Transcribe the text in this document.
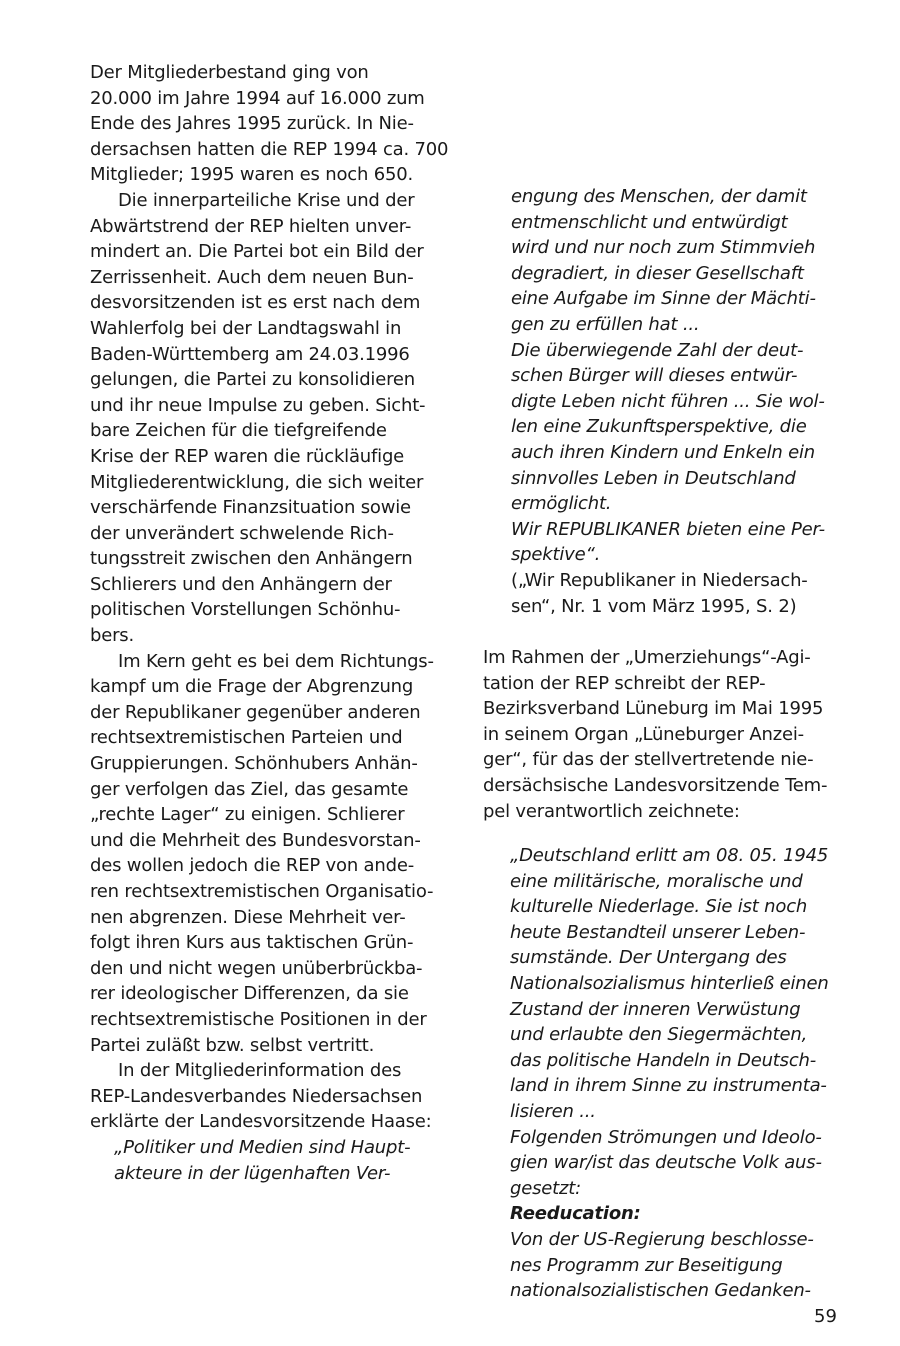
Der Mitgliederbestand ging von
20.000 im Jahre 1994 auf 16.000 zum
Ende des Jahres 1995 zurück. In Nie-
dersachsen hatten die REP 1994 ca. 700
Mitglieder; 1995 waren es noch 650.
Die innerparteiliche Krise und der
Abwärtstrend der REP hielten unver-
mindert an. Die Partei bot ein Bild der
Zerrissenheit. Auch dem neuen Bun-
desvorsitzenden ist es erst nach dem
Wahlerfolg bei der Landtagswahl in
Baden-Württemberg am 24.03.1996
gelungen, die Partei zu konsolidieren
und ihr neue Impulse zu geben. Sicht-
bare Zeichen für die tiefgreifende
Krise der REP waren die rückläufige
Mitgliederentwicklung, die sich weiter
verschärfende Finanzsituation sowie
der unverändert schwelende Rich-
tungsstreit zwischen den Anhängern
Schlierers und den Anhängern der
politischen Vorstellungen Schönhu-
bers.
Im Kern geht es bei dem Richtungs-
kampf um die Frage der Abgrenzung
der Republikaner gegenüber anderen
rechtsextremistischen Parteien und
Gruppierungen. Schönhubers Anhän-
ger verfolgen das Ziel, das gesamte
„rechte Lager“ zu einigen. Schlierer
und die Mehrheit des Bundesvorstan-
des wollen jedoch die REP von ande-
ren rechtsextremistischen Organisatio-
nen abgrenzen. Diese Mehrheit ver-
folgt ihren Kurs aus taktischen Grün-
den und nicht wegen unüberbrückba-
rer ideologischer Differenzen, da sie
rechtsextremistische Positionen in der
Partei zuläßt bzw. selbst vertritt.
In der Mitgliederinformation des
REP-Landesverbandes Niedersachsen
erklärte der Landesvorsitzende Haase:
„Politiker und Medien sind Haupt-
akteure in der lügenhaften Ver-
engung des Menschen, der damit
entmenschlicht und entwürdigt
wird und nur noch zum Stimmvieh
degradiert, in dieser Gesellschaft
eine Aufgabe im Sinne der Mächti-
gen zu erfüllen hat ...
Die überwiegende Zahl der deut-
schen Bürger will dieses entwür-
digte Leben nicht führen ... Sie wol-
len eine Zukunftsperspektive, die
auch ihren Kindern und Enkeln ein
sinnvolles Leben in Deutschland
ermöglicht.
Wir REPUBLIKANER bieten eine Per-
spektive“.
(„Wir Republikaner in Niedersach-
sen“, Nr. 1 vom März 1995, S. 2)
Im Rahmen der „Umerziehungs“-Agi-
tation der REP schreibt der REP-
Bezirksverband Lüneburg im Mai 1995
in seinem Organ „Lüneburger Anzei-
ger“, für das der stellvertretende nie-
dersächsische Landesvorsitzende Tem-
pel verantwortlich zeichnete:
„Deutschland erlitt am 08. 05. 1945
eine militärische, moralische und
kulturelle Niederlage. Sie ist noch
heute Bestandteil unserer Leben-
sumstände. Der Untergang des
Nationalsozialismus hinterließ einen
Zustand der inneren Verwüstung
und erlaubte den Siegermächten,
das politische Handeln in Deutsch-
land in ihrem Sinne zu instrumenta-
lisieren ...
Folgenden Strömungen und Ideolo-
gien war/ist das deutsche Volk aus-
gesetzt:
Reeducation:
Von der US-Regierung beschlosse-
nes Programm zur Beseitigung
nationalsozialistischen Gedanken-
59
